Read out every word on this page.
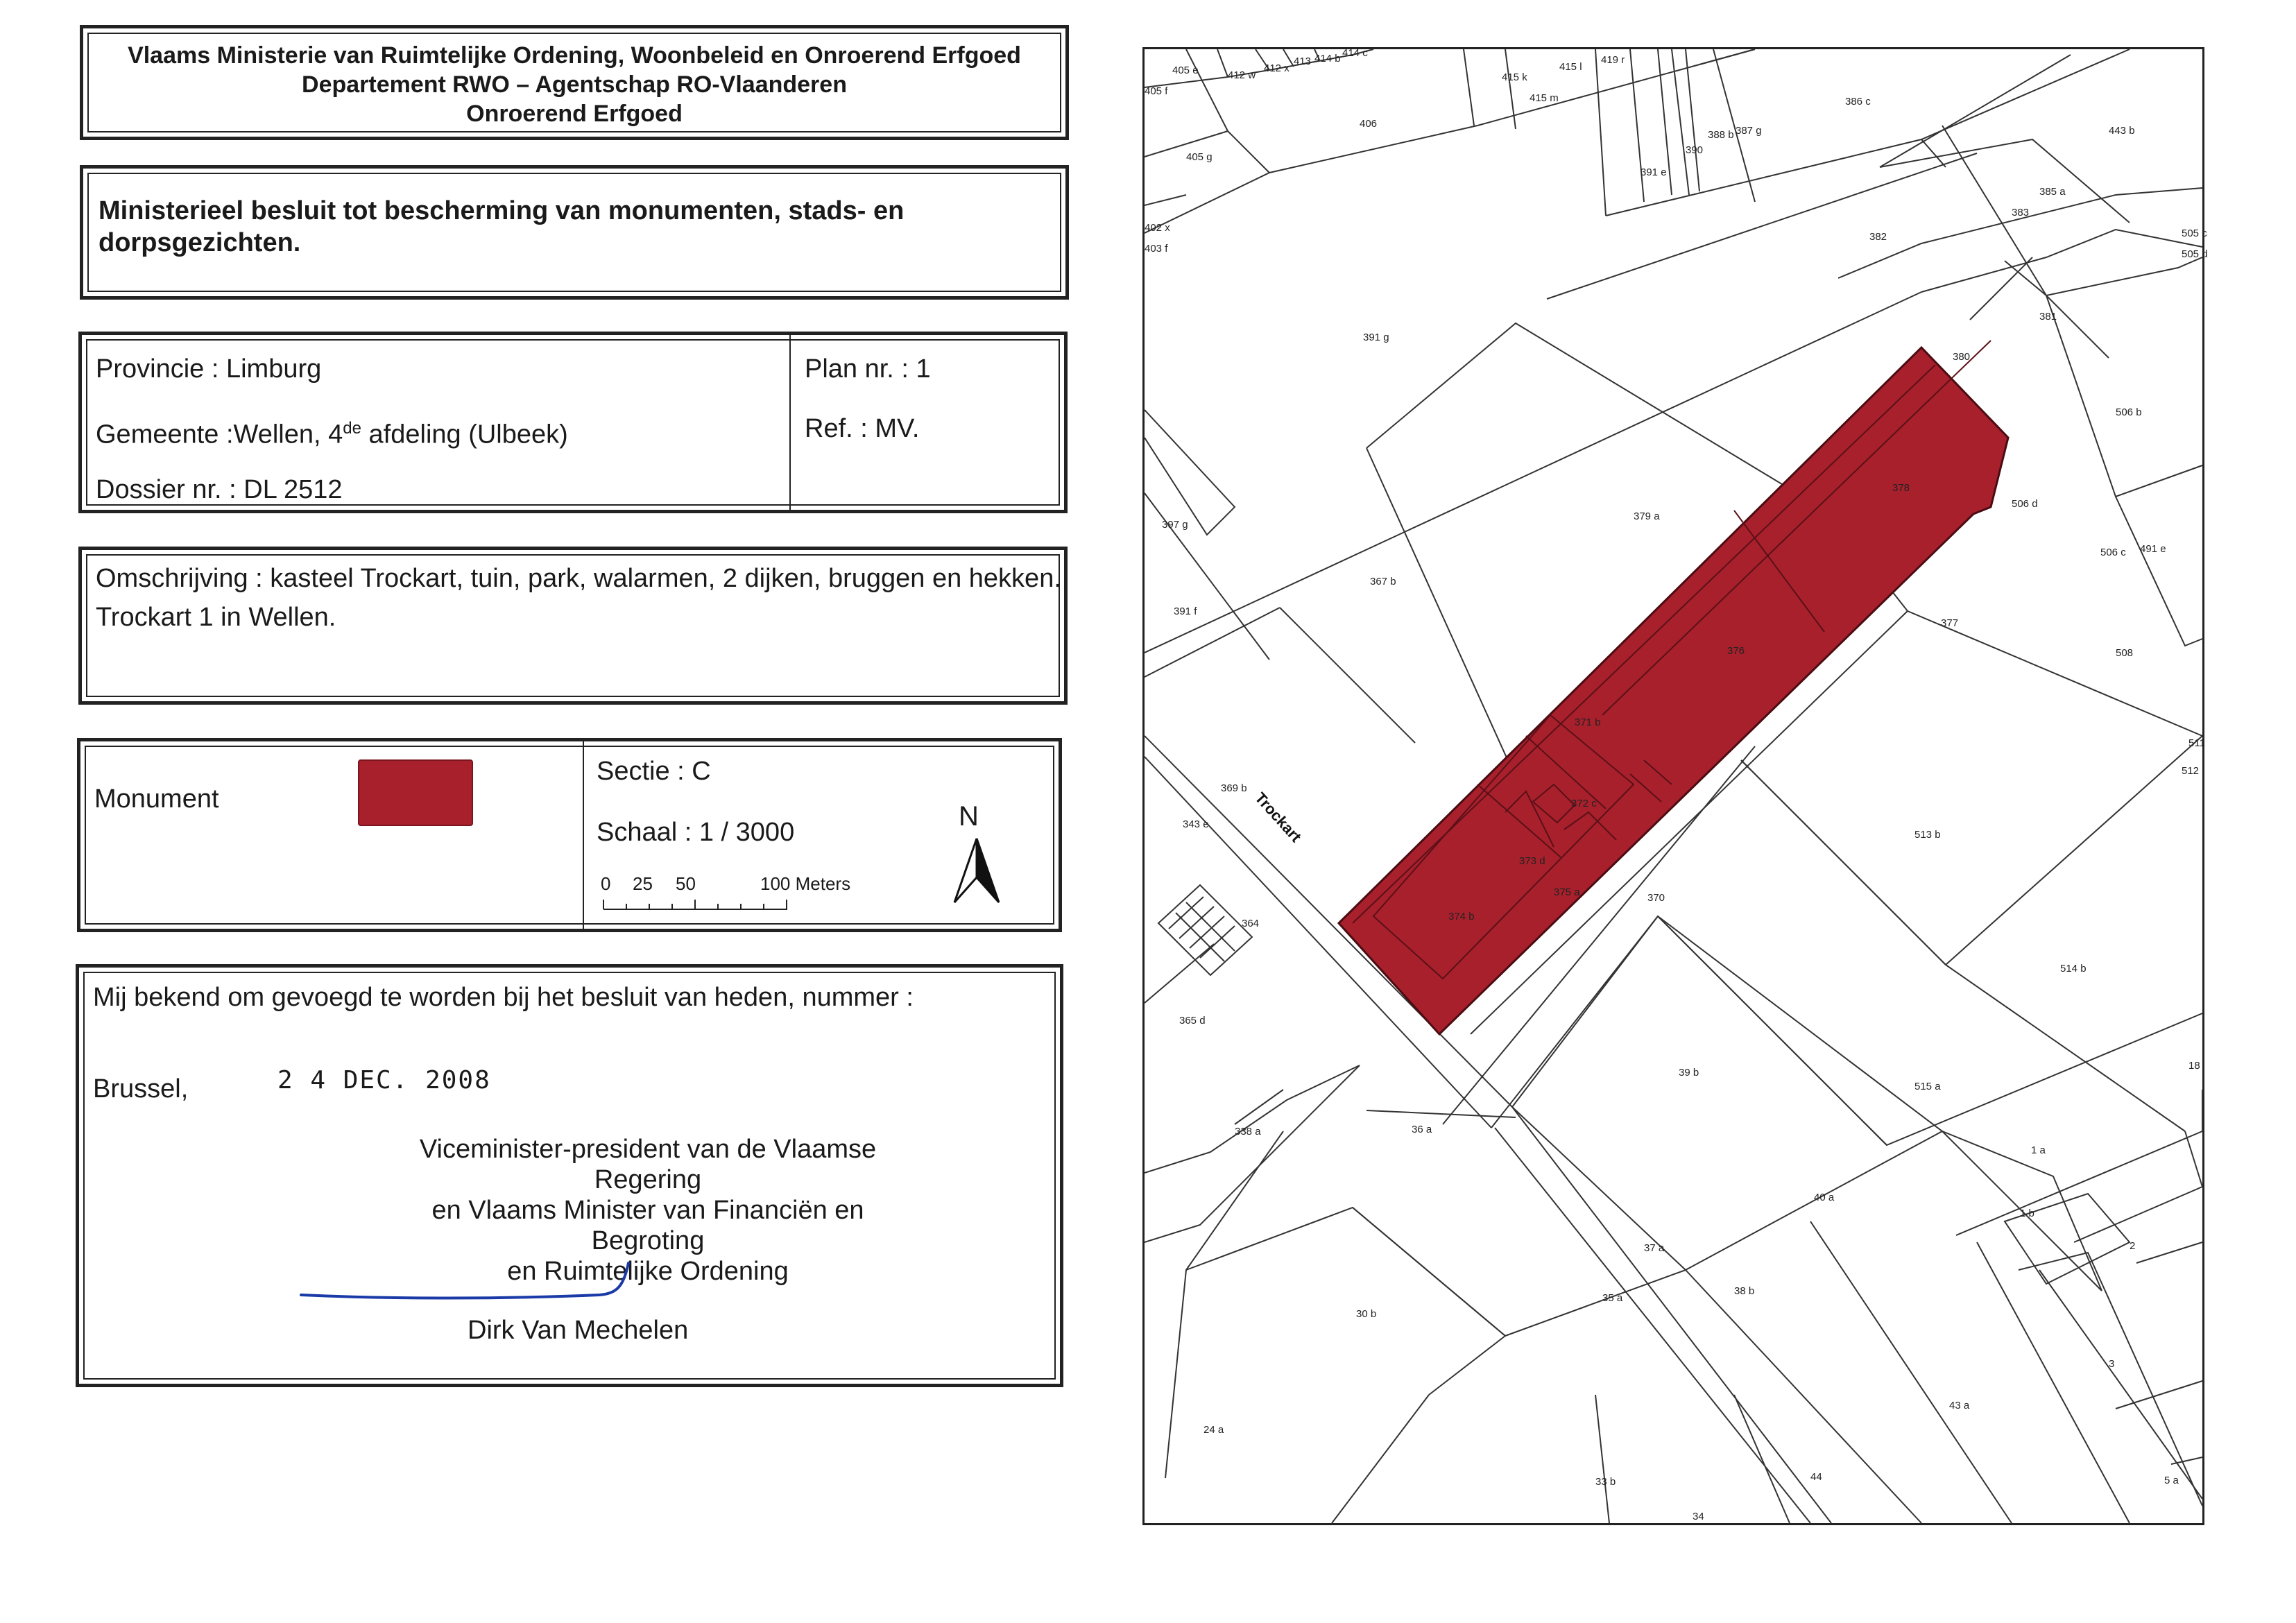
Vlaams Ministerie van Ruimtelijke Ordening, Woonbeleid en Onroerend Erfgoed
Departement RWO – Agentschap RO-Vlaanderen
Onroerend Erfgoed
Ministerieel besluit tot bescherming van monumenten, stads- en
dorpsgezichten.
Provincie : Limburg
Gemeente :Wellen, 4de afdeling (Ulbeek)
Dossier nr. : DL 2512
Plan nr. : 1
Ref. : MV.
Omschrijving : kasteel Trockart, tuin, park, walarmen, 2 dijken, bruggen en hekken.
Trockart 1 in Wellen.
Monument
Sectie : C
Schaal : 1 / 3000
0 25 50	100 Meters
N
Mij bekend om gevoegd te worden bij het besluit van heden, nummer :
Brussel,	2 4 DEC. 2008
Viceminister-president van de Vlaamse Regering
en Vlaams Minister van Financiën en Begroting
en Ruimtelijke Ordening
Dirk Van Mechelen
Trockart
405 e
405 f
412 w
412 x
413 414 b 414 c
415 k
415 l
415 m
419 r
386 c
443 b
406
405 g
388 b 387 g
390
391 e
385 a
383
382
402 x
403 f
505 c
505 d
391 g
381
380
506 b
378
506 d
379 a
397 g
506 c 491 e
367 b
391 f
377
376	508
371 b
511
512
369 b
372 c
343 e
373 d
513 b
375 a	370
374 b
364
514 b
365 d
39 b
18
515 a
338 a	36 a
1 a
1 b
40 a
2
37 a
38 b
35 a
30 b
3
43 a
24 a
33 b	44	5 a
34
